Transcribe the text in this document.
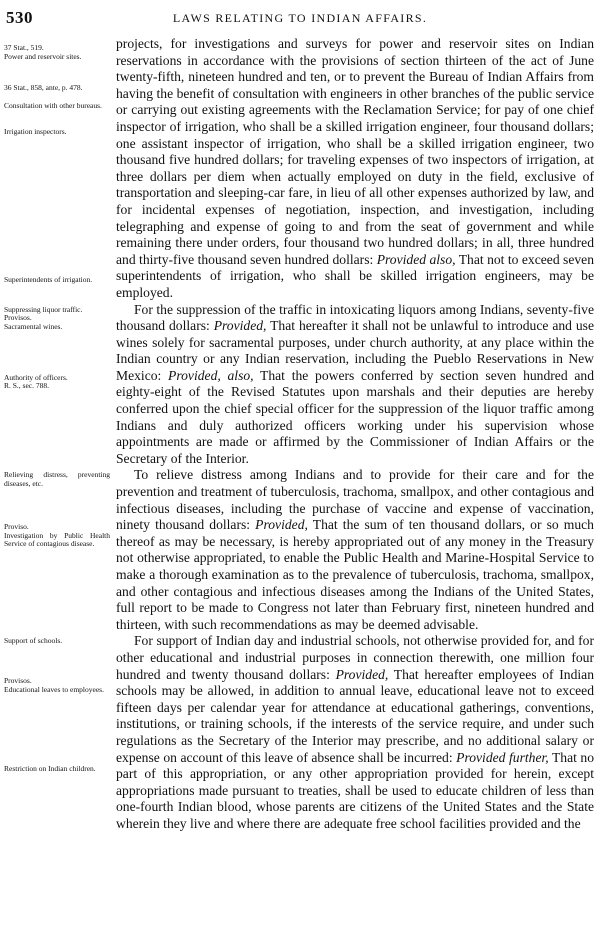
530	LAWS RELATING TO INDIAN AFFAIRS.
37 Stat., 519.
Power and reservoir sites.
36 Stat., 858, ante, p. 478.
Consultation with other bureaus.
Irrigation inspectors.
Superintendents of irrigation.

projects, for investigations and surveys for power and reservoir sites on Indian reservations in accordance with the provisions of section thirteen of the act of June twenty-fifth, nineteen hundred and ten, or to prevent the Bureau of Indian Affairs from having the benefit of consultation with engineers in other branches of the public service or carrying out existing agreements with the Reclamation Service; for pay of one chief inspector of irrigation, who shall be a skilled irrigation engineer, four thousand dollars; one assistant inspector of irrigation, who shall be a skilled irrigation engineer, two thousand five hundred dollars; for traveling expenses of two inspectors of irrigation, at three dollars per diem when actually employed on duty in the field, exclusive of transportation and sleeping-car fare, in lieu of all other expenses authorized by law, and for incidental expenses of negotiation, inspection, and investigation, including telegraphing and expense of going to and from the seat of government and while remaining there under orders, four thousand two hundred dollars; in all, three hundred and thirty-five thousand seven hundred dollars: Provided also, That not to exceed seven superintendents of irrigation, who shall be skilled irrigation engineers, may be employed.

Suppressing liquor traffic.
Provisos.
Sacramental wines.
Authority of officers.
R. S., sec. 788.

For the suppression of the traffic in intoxicating liquors among Indians, seventy-five thousand dollars: Provided, That hereafter it shall not be unlawful to introduce and use wines solely for sacramental purposes, under church authority, at any place within the Indian country or any Indian reservation, including the Pueblo Reservations in New Mexico: Provided, also, That the powers conferred by section seven hundred and eighty-eight of the Revised Statutes upon marshals and their deputies are hereby conferred upon the chief special officer for the suppression of the liquor traffic among Indians and duly authorized officers working under his supervision whose appointments are made or affirmed by the Commissioner of Indian Affairs or the Secretary of the Interior.

Relieving distress, preventing diseases, etc.
Proviso.
Investigation by Public Health Service of contagious disease.

To relieve distress among Indians and to provide for their care and for the prevention and treatment of tuberculosis, trachoma, smallpox, and other contagious and infectious diseases, including the purchase of vaccine and expense of vaccination, ninety thousand dollars: Provided, That the sum of ten thousand dollars, or so much thereof as may be necessary, is hereby appropriated out of any money in the Treasury not otherwise appropriated, to enable the Public Health and Marine-Hospital Service to make a thorough examination as to the prevalence of tuberculosis, trachoma, smallpox, and other contagious and infectious diseases among the Indians of the United States, full report to be made to Congress not later than February first, nineteen hundred and thirteen, with such recommendations as may be deemed advisable.

Support of schools.
Provisos.
Educational leaves to employees.
Restriction on Indian children.

For support of Indian day and industrial schools, not otherwise provided for, and for other educational and industrial purposes in connection therewith, one million four hundred and twenty thousand dollars: Provided, That hereafter employees of Indian schools may be allowed, in addition to annual leave, educational leave not to exceed fifteen days per calendar year for attendance at educational gatherings, conventions, institutions, or training schools, if the interests of the service require, and under such regulations as the Secretary of the Interior may prescribe, and no additional salary or expense on account of this leave of absence shall be incurred: Provided further, That no part of this appropriation, or any other appropriation provided for herein, except appropriations made pursuant to treaties, shall be used to educate children of less than one-fourth Indian blood, whose parents are citizens of the United States and the State wherein they live and where there are adequate free school facilities provided and the
